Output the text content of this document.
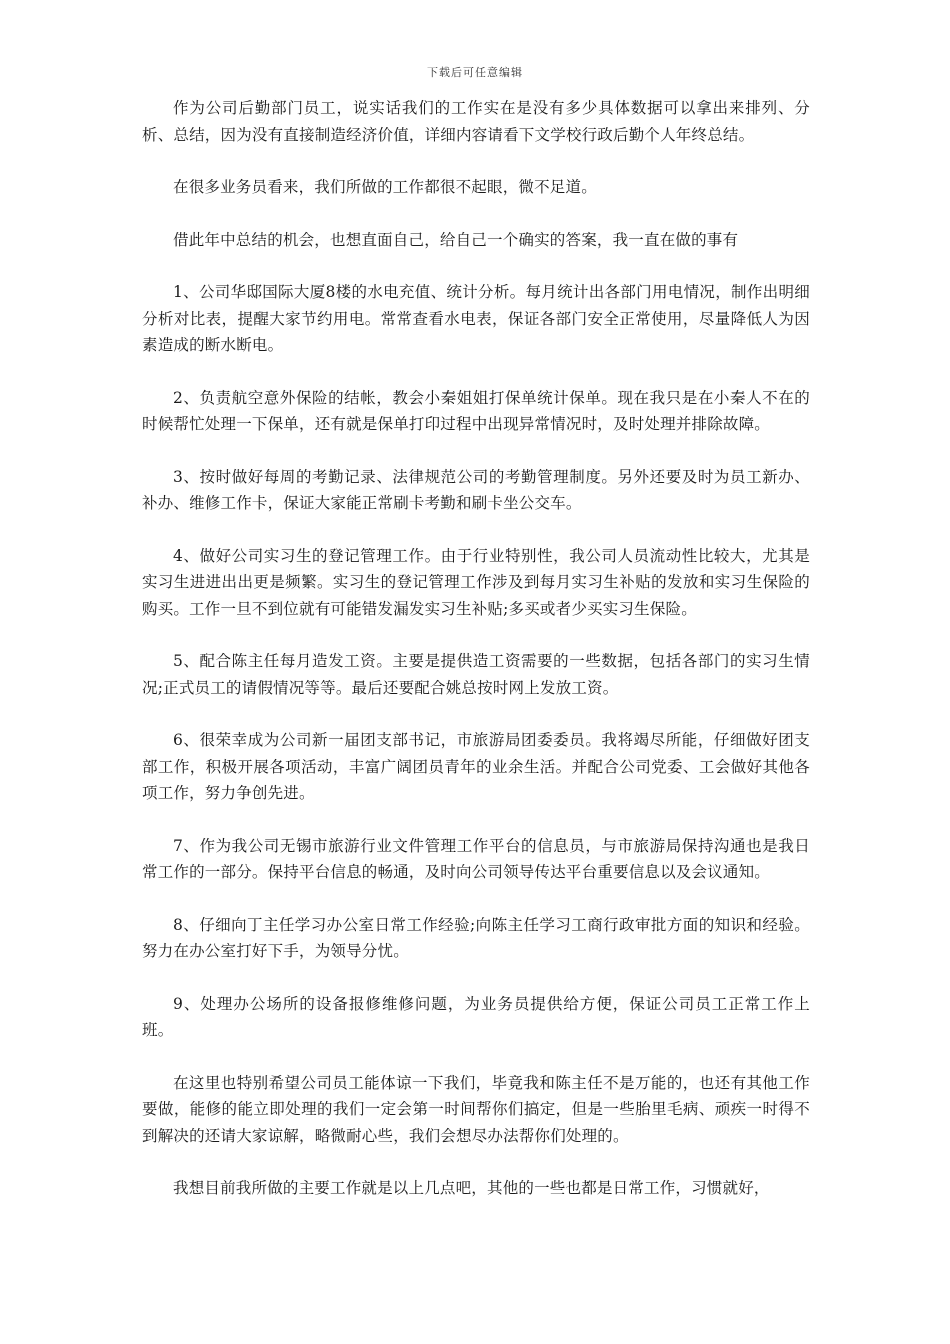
下载后可任意编辑

作为公司后勤部门员工，说实话我们的工作实在是没有多少具体数据可以拿出来排列、分析、总结，因为没有直接制造经济价值，详细内容请看下文学校行政后勤个人年终总结。

在很多业务员看来，我们所做的工作都很不起眼，微不足道。

借此年中总结的机会，也想直面自己，给自己一个确实的答案，我一直在做的事有

1、公司华邸国际大厦8楼的水电充值、统计分析。每月统计出各部门用电情况，制作出明细分析对比表，提醒大家节约用电。常常查看水电表，保证各部门安全正常使用，尽量降低人为因素造成的断水断电。

2、负责航空意外保险的结帐，教会小秦姐姐打保单统计保单。现在我只是在小秦人不在的时候帮忙处理一下保单，还有就是保单打印过程中出现异常情况时，及时处理并排除故障。

3、按时做好每周的考勤记录、法律规范公司的考勤管理制度。另外还要及时为员工新办、补办、维修工作卡，保证大家能正常刷卡考勤和刷卡坐公交车。

4、做好公司实习生的登记管理工作。由于行业特别性，我公司人员流动性比较大，尤其是实习生进进出出更是频繁。实习生的登记管理工作涉及到每月实习生补贴的发放和实习生保险的购买。工作一旦不到位就有可能错发漏发实习生补贴;多买或者少买实习生保险。

5、配合陈主任每月造发工资。主要是提供造工资需要的一些数据，包括各部门的实习生情况;正式员工的请假情况等等。最后还要配合姚总按时网上发放工资。

6、很荣幸成为公司新一届团支部书记，市旅游局团委委员。我将竭尽所能，仔细做好团支部工作，积极开展各项活动，丰富广阔团员青年的业余生活。并配合公司党委、工会做好其他各项工作，努力争创先进。

7、作为我公司无锡市旅游行业文件管理工作平台的信息员，与市旅游局保持沟通也是我日常工作的一部分。保持平台信息的畅通，及时向公司领导传达平台重要信息以及会议通知。

8、仔细向丁主任学习办公室日常工作经验;向陈主任学习工商行政审批方面的知识和经验。努力在办公室打好下手，为领导分忧。

9、处理办公场所的设备报修维修问题，为业务员提供给方便，保证公司员工正常工作上班。

在这里也特别希望公司员工能体谅一下我们，毕竟我和陈主任不是万能的，也还有其他工作要做，能修的能立即处理的我们一定会第一时间帮你们搞定，但是一些胎里毛病、顽疾一时得不到解决的还请大家谅解，略微耐心些，我们会想尽办法帮你们处理的。

我想目前我所做的主要工作就是以上几点吧，其他的一些也都是日常工作，习惯就好，
